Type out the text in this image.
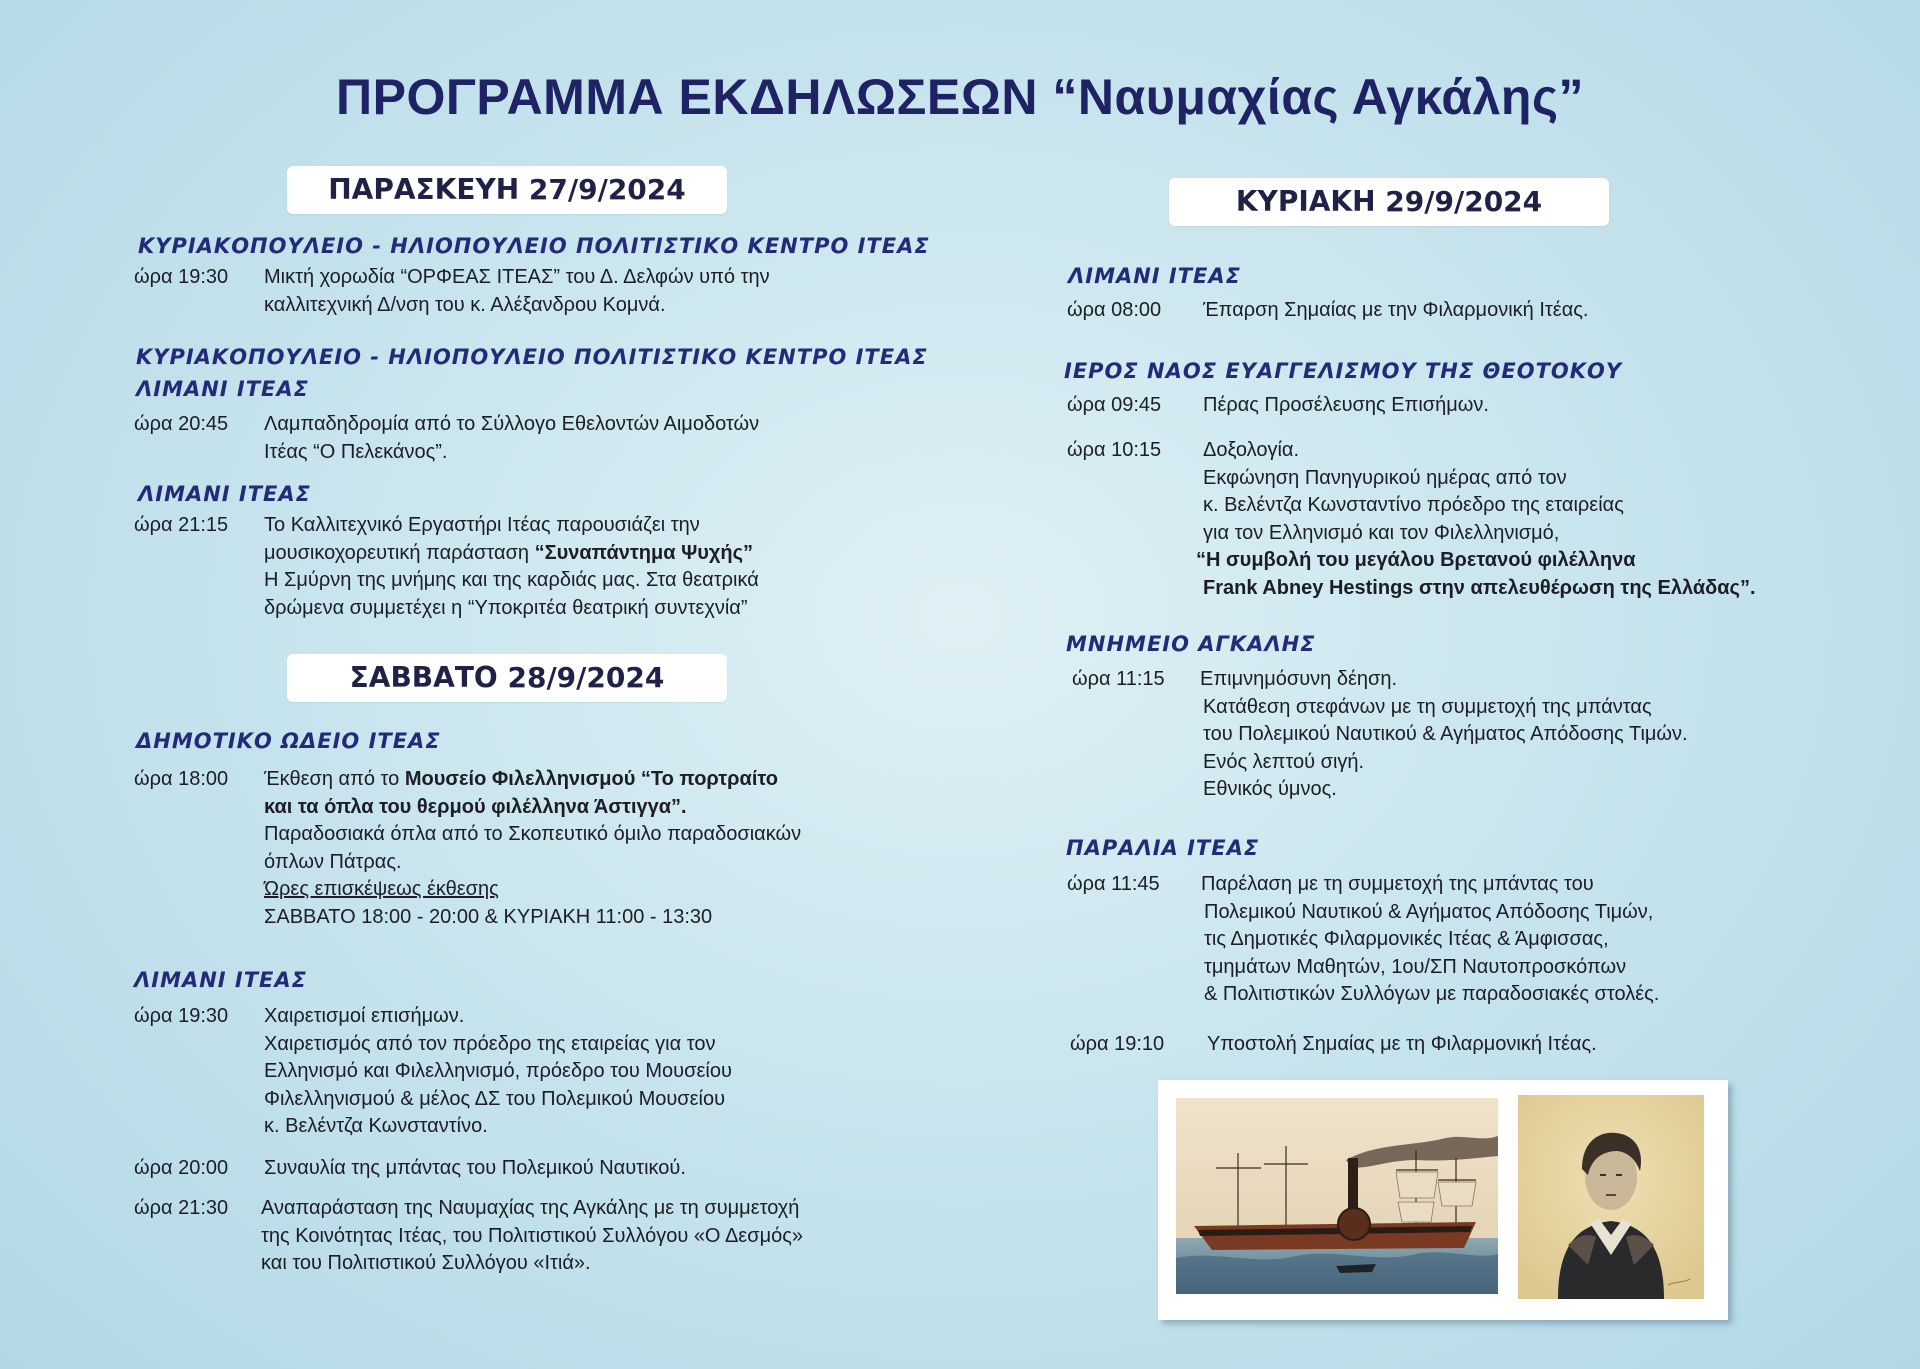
ΠΡΟΓΡΑΜΜΑ ΕΚΔΗΛΩΣΕΩΝ “Ναυμαχίας Αγκάλης”
ΠΑΡΑΣΚΕΥΗ 27/9/2024
ΚΥΡΙΑΚΟΠΟΥΛΕΙΟ - ΗΛΙΟΠΟΥΛΕΙΟ ΠΟΛΙΤΙΣΤΙΚΟ ΚΕΝΤΡΟ ΙΤΕΑΣ
ώρα 19:30 Μικτή χορωδία “ΟΡΦΕΑΣ ΙΤΕΑΣ” του Δ. Δελφών υπό την
καλλιτεχνική Δ/νση του κ. Αλέξανδρου Κομνά.
ΚΥΡΙΑΚΟΠΟΥΛΕΙΟ - ΗΛΙΟΠΟΥΛΕΙΟ ΠΟΛΙΤΙΣΤΙΚΟ ΚΕΝΤΡΟ ΙΤΕΑΣ
ΛΙΜΑΝΙ ΙΤΕΑΣ
ώρα 20:45 Λαμπαδηδρομία από το Σύλλογο Εθελοντών Αιμοδοτών
Ιτέας “Ο Πελεκάνος”.
ΛΙΜΑΝΙ ΙΤΕΑΣ
ώρα 21:15 Το Καλλιτεχνικό Εργαστήρι Ιτέας παρουσιάζει την
μουσικοχορευτική παράσταση “Συναπάντημα Ψυχής”
Η Σμύρνη της μνήμης και της καρδιάς μας. Στα θεατρικά
δρώμενα συμμετέχει η “Υποκριτέα θεατρική συντεχνία”
ΣΑΒΒΑΤΟ 28/9/2024
ΔΗΜΟΤΙΚΟ ΩΔΕΙΟ ΙΤΕΑΣ
ώρα 18:00 Έκθεση από το Μουσείο Φιλελληνισμού “Το πορτραίτο
και τα όπλα του θερμού φιλέλληνα Άστιγγα”.
Παραδοσιακά όπλα από το Σκοπευτικό όμιλο παραδοσιακών
όπλων Πάτρας.
Ώρες επισκέψεως έκθεσης
ΣΑΒΒΑΤΟ 18:00 - 20:00 & ΚΥΡΙΑΚΗ 11:00 - 13:30
ΛΙΜΑΝΙ ΙΤΕΑΣ
ώρα 19:30 Χαιρετισμοί επισήμων.
Χαιρετισμός από τον πρόεδρο της εταιρείας για τον
Ελληνισμό και Φιλελληνισμό, πρόεδρο του Μουσείου
Φιλελληνισμού & μέλος ΔΣ του Πολεμικού Μουσείου
κ. Βελέντζα Κωνσταντίνο.
ώρα 20:00 Συναυλία της μπάντας του Πολεμικού Ναυτικού.
ώρα 21:30 Αναπαράσταση της Ναυμαχίας της Αγκάλης με τη συμμετοχή
της Κοινότητας Ιτέας, του Πολιτιστικού Συλλόγου «Ο Δεσμός»
και του Πολιτιστικού Συλλόγου «Ιτιά».
ΚΥΡΙΑΚΗ 29/9/2024
ΛΙΜΑΝΙ ΙΤΕΑΣ
ώρα 08:00 Έπαρση Σημαίας με την Φιλαρμονική Ιτέας.
ΙΕΡΟΣ ΝΑΟΣ ΕΥΑΓΓΕΛΙΣΜΟΥ ΤΗΣ ΘΕΟΤΟΚΟΥ
ώρα 09:45 Πέρας Προσέλευσης Επισήμων.
ώρα 10:15 Δοξολογία.
Εκφώνηση Πανηγυρικού ημέρας από τον
κ. Βελέντζα Κωνσταντίνο πρόεδρο της εταιρείας
για τον Ελληνισμό και τον Φιλελληνισμό,
“Η συμβολή του μεγάλου Βρετανού φιλέλληνα
Frank Abney Hestings στην απελευθέρωση της Ελλάδας”.
ΜΝΗΜΕΙΟ ΑΓΚΑΛΗΣ
ώρα 11:15 Επιμνημόσυνη δέηση.
Κατάθεση στεφάνων με τη συμμετοχή της μπάντας
του Πολεμικού Ναυτικού & Αγήματος Απόδοσης Τιμών.
Ενός λεπτού σιγή.
Εθνικός ύμνος.
ΠΑΡΑΛΙΑ ΙΤΕΑΣ
ώρα 11:45 Παρέλαση με τη συμμετοχή της μπάντας του
Πολεμικού Ναυτικού & Αγήματος Απόδοσης Τιμών,
τις Δημοτικές Φιλαρμονικές Ιτέας & Άμφισσας,
τμημάτων Μαθητών, 1ου/ΣΠ Ναυτοπροσκόπων
& Πολιτιστικών Συλλόγων με παραδοσιακές στολές.
ώρα 19:10 Υποστολή Σημαίας με τη Φιλαρμονική Ιτέας.
